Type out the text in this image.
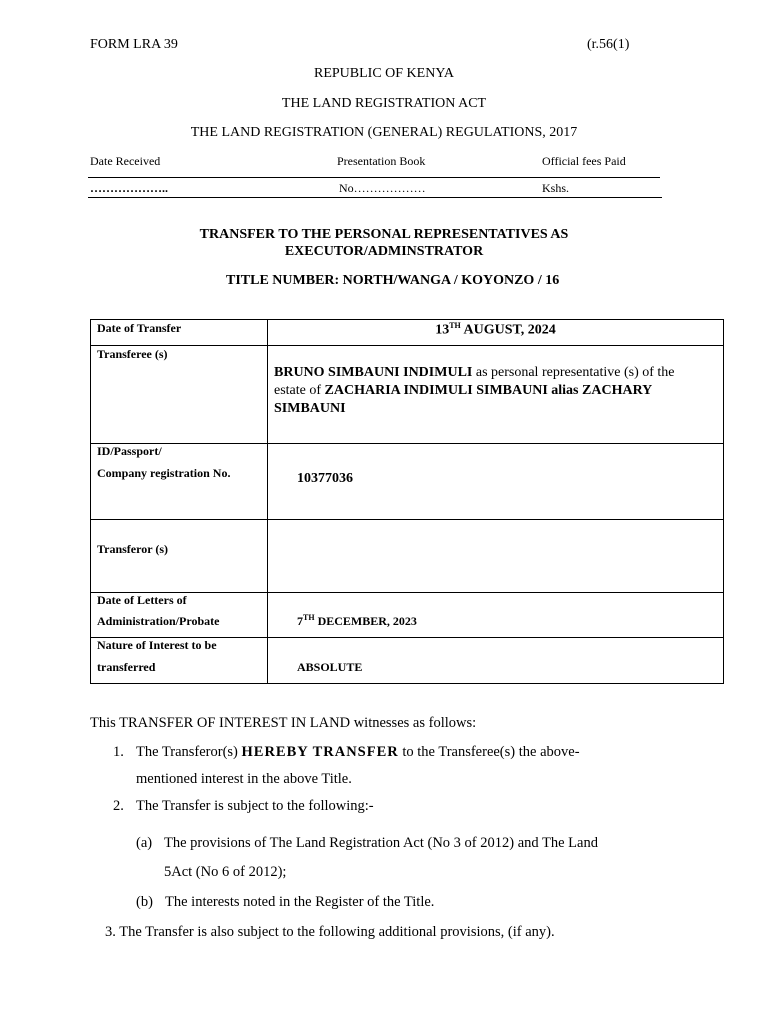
FORM LRA 39	(r.56(1)
REPUBLIC OF KENYA
THE LAND REGISTRATION ACT
THE LAND REGISTRATION (GENERAL) REGULATIONS, 2017
Date Received	Presentation Book	Official fees Paid
………………..	No………………	Kshs.
TRANSFER TO THE PERSONAL REPRESENTATIVES AS
EXECUTOR/ADMINSTRATOR
TITLE NUMBER: NORTH/WANGA / KOYONZO / 16
Date of Transfer	13TH AUGUST, 2024

Transferee (s)	BRUNO SIMBAUNI INDIMULI as personal representative (s) of the estate of ZACHARIA INDIMULI SIMBAUNI alias ZACHARY SIMBAUNI

ID/Passport/
Company registration No.	10377036

Transferor (s)	

Date of Letters of
Administration/Probate	7TH DECEMBER, 2023

Nature of Interest to be
transferred	ABSOLUTE
This TRANSFER OF INTEREST IN LAND witnesses as follows:
1. The Transferor(s) HEREBY TRANSFER to the Transferee(s) the above-
mentioned interest in the above Title.
2. The Transfer is subject to the following:-
(a) The provisions of The Land Registration Act (No 3 of 2012) and The Land
5Act (No 6 of 2012);
(b) The interests noted in the Register of the Title.
3. The Transfer is also subject to the following additional provisions, (if any).
